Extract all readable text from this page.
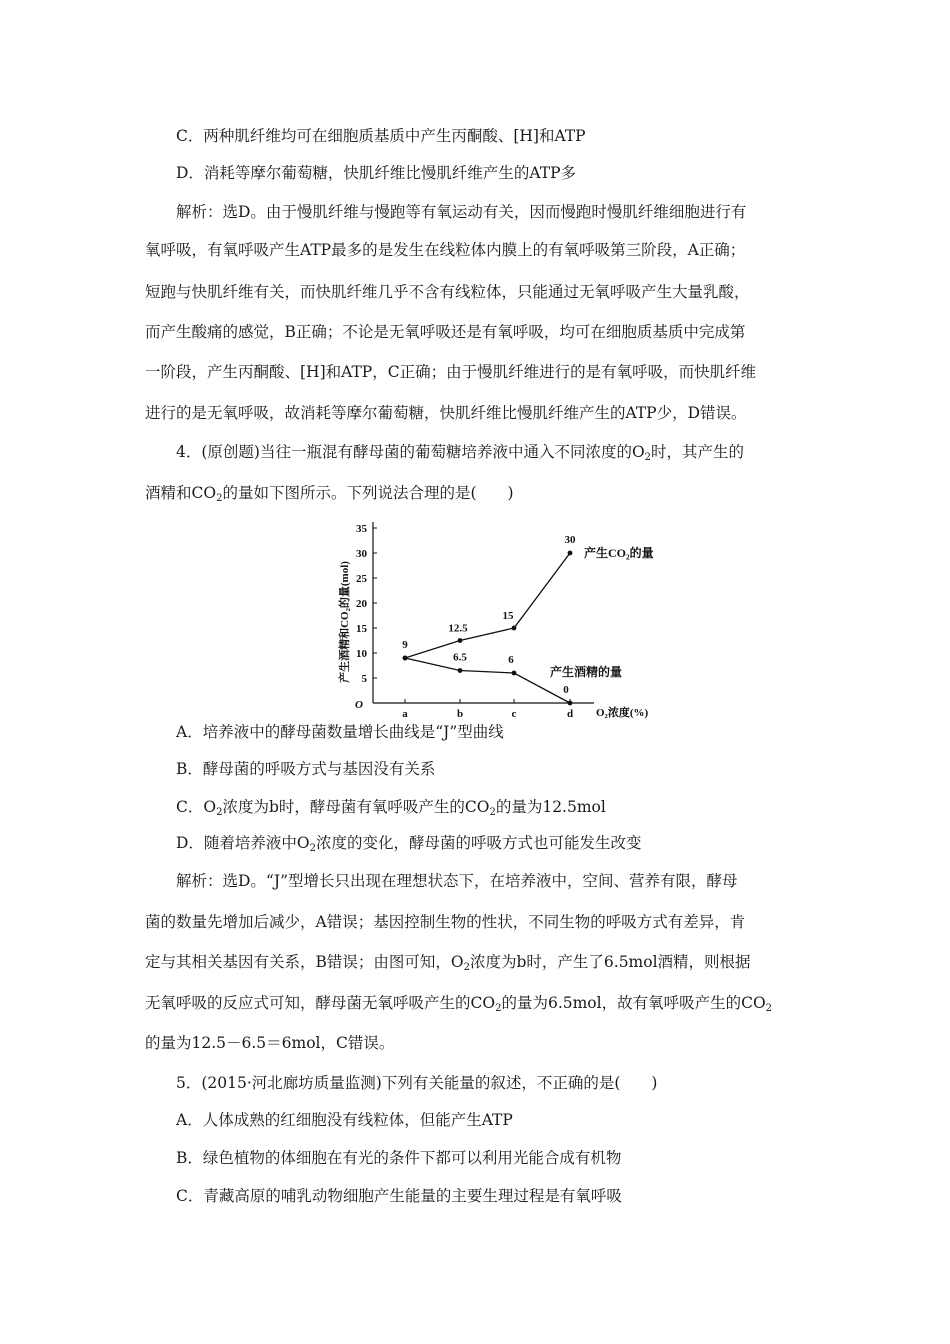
C．两种肌纤维均可在细胞质基质中产生丙酮酸、[H]和ATP
D．消耗等摩尔葡萄糖，快肌纤维比慢肌纤维产生的ATP多
解析：选D。由于慢肌纤维与慢跑等有氧运动有关，因而慢跑时慢肌纤维细胞进行有
氧呼吸，有氧呼吸产生ATP最多的是发生在线粒体内膜上的有氧呼吸第三阶段，A正确；
短跑与快肌纤维有关，而快肌纤维几乎不含有线粒体，只能通过无氧呼吸产生大量乳酸，
而产生酸痛的感觉，B正确；不论是无氧呼吸还是有氧呼吸，均可在细胞质基质中完成第
一阶段，产生丙酮酸、[H]和ATP，C正确；由于慢肌纤维进行的是有氧呼吸，而快肌纤维
进行的是无氧呼吸，故消耗等摩尔葡萄糖，快肌纤维比慢肌纤维产生的ATP少，D错误。
4．(原创题)当往一瓶混有酵母菌的葡萄糖培养液中通入不同浓度的$O_2$时，其产生的
酒精和$CO_2$的量如下图所示。下列说法合理的是(　　)
5
10
15
20
25
30
35
a	b	c	d
9
12.5
15
30
6.5	6
0
产生CO₂的量
产生酒精的量
产生酒精和CO₂的量(mol)
O₂浓度(%)
O
A．培养液中的酵母菌数量增长曲线是“J”型曲线
B．酵母菌的呼吸方式与基因没有关系
C．$O_2$浓度为b时，酵母菌有氧呼吸产生的$CO_2$的量为12.5mol
D．随着培养液中$O_2$浓度的变化，酵母菌的呼吸方式也可能发生改变
解析：选D。“J”型增长只出现在理想状态下，在培养液中，空间、营养有限，酵母
菌的数量先增加后减少，A错误；基因控制生物的性状，不同生物的呼吸方式有差异，肯
定与其相关基因有关系，B错误；由图可知，$O_2$浓度为b时，产生了6.5mol酒精，则根据
无氧呼吸的反应式可知，酵母菌无氧呼吸产生的$CO_2$的量为6.5mol，故有氧呼吸产生的$CO_2$
的量为12.5－6.5＝6mol，C错误。
5．(2015·河北廊坊质量监测)下列有关能量的叙述，不正确的是(　　)
A．人体成熟的红细胞没有线粒体，但能产生ATP
B．绿色植物的体细胞在有光的条件下都可以利用光能合成有机物
C．青藏高原的哺乳动物细胞产生能量的主要生理过程是有氧呼吸
